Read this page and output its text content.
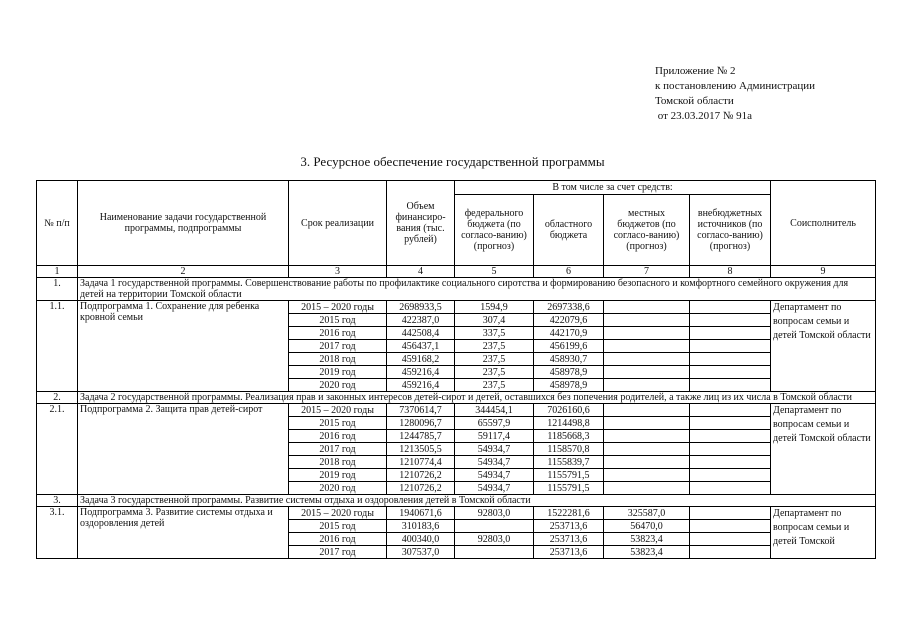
Приложение № 2
к постановлению Администрации
Томской области
от 23.03.2017 № 91а
3. Ресурсное обеспечение государственной программы
№ п/п	Наименование задачи государственной программы, подпрограммы	Срок реализации	Объем финансиро-вания (тыс. рублей)	В том числе за счет средств:				Соисполнитель
				федерального бюджета (по согласо-ванию) (прогноз)	областного бюджета	местных бюджетов (по согласо-ванию) (прогноз)	внебюджетных источников (по согласо-ванию) (прогноз)	
1	2	3	4	5	6	7	8	9
1.	Задача 1 государственной программы. Совершенствование работы по профилактике социального сиротства и формированию безопасного и комфортного семейного окружения для детей на территории Томской области							
1.1.	Подпрограмма 1. Сохранение для ребенка кровной семьи	2015 – 2020 годы	2698933,5	1594,9	2697338,6			Департамент по вопросам семьи и детей Томской области
		2015 год	422387,0	307,4	422079,6			
		2016 год	442508,4	337,5	442170,9			
		2017 год	456437,1	237,5	456199,6			
		2018 год	459168,2	237,5	458930,7			
		2019 год	459216,4	237,5	458978,9			
		2020 год	459216,4	237,5	458978,9			
2.	Задача 2 государственной программы. Реализация прав и законных интересов детей-сирот и детей, оставшихся без попечения родителей, а также лиц из их числа в Томской области							
2.1.	Подпрограмма 2. Защита прав детей-сирот	2015 – 2020 годы	7370614,7	344454,1	7026160,6			Департамент по вопросам семьи и детей Томской области
		2015 год	1280096,7	65597,9	1214498,8			
		2016 год	1244785,7	59117,4	1185668,3			
		2017 год	1213505,5	54934,7	1158570,8			
		2018 год	1210774,4	54934,7	1155839,7			
		2019 год	1210726,2	54934,7	1155791,5			
		2020 год	1210726,2	54934,7	1155791,5			
3.	Задача 3 государственной программы. Развитие системы отдыха и оздоровления детей в Томской области							
3.1.	Подпрограмма 3. Развитие системы отдыха и оздоровления детей	2015 – 2020 годы	1940671,6	92803,0	1522281,6	325587,0		Департамент по вопросам семьи и детей Томской
		2015 год	310183,6		253713,6	56470,0		
		2016 год	400340,0	92803,0	253713,6	53823,4		
		2017 год	307537,0		253713,6	53823,4		
